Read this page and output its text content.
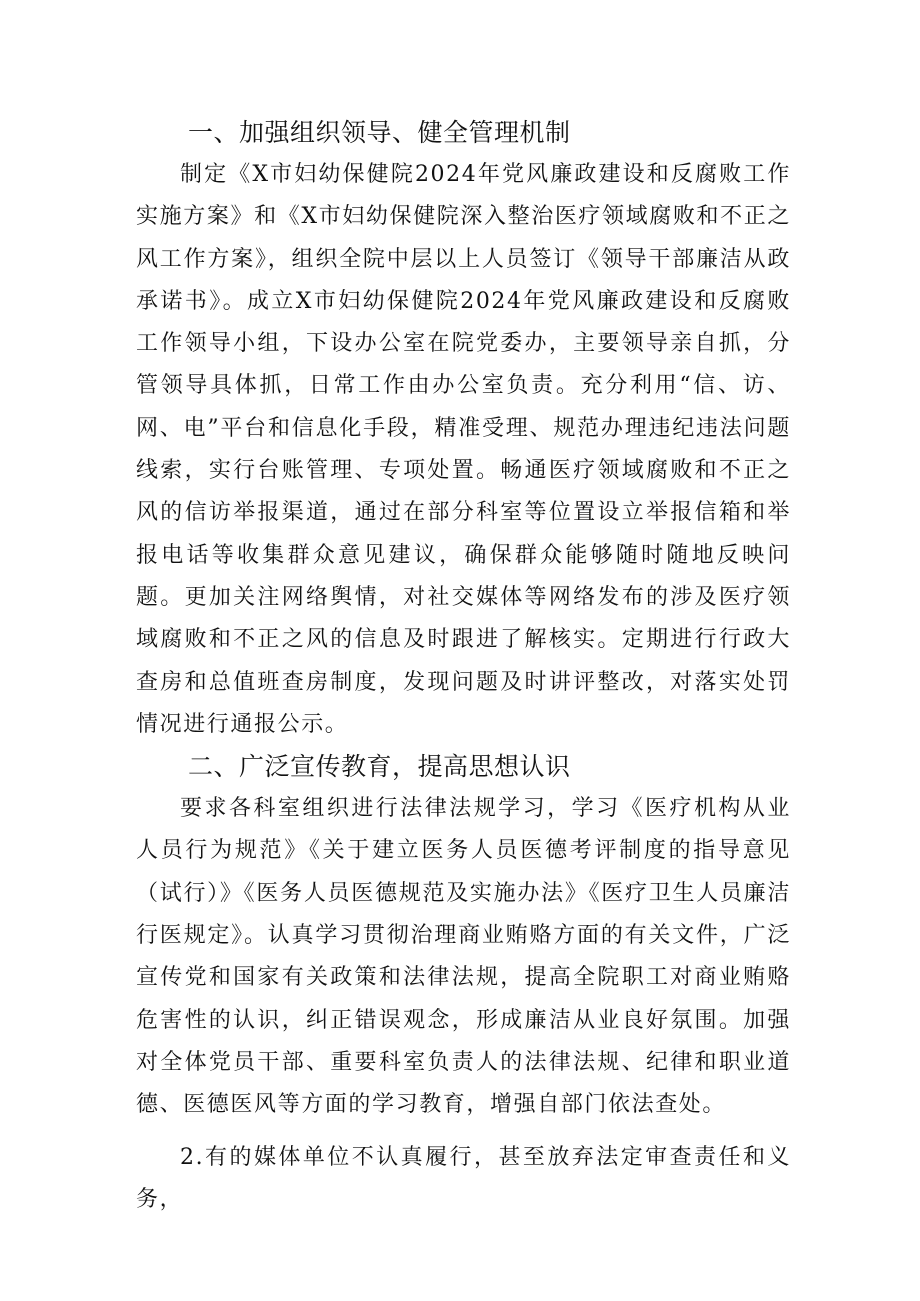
一、加强组织领导、健全管理机制

制定《X市妇幼保健院2024年党风廉政建设和反腐败工作实施方案》和《X市妇幼保健院深入整治医疗领域腐败和不正之风工作方案》，组织全院中层以上人员签订《领导干部廉洁从政承诺书》。成立X市妇幼保健院2024年党风廉政建设和反腐败工作领导小组，下设办公室在院党委办，主要领导亲自抓，分管领导具体抓，日常工作由办公室负责。充分利用“信、访、网、电”平台和信息化手段，精准受理、规范办理违纪违法问题线索，实行台账管理、专项处置。畅通医疗领域腐败和不正之风的信访举报渠道，通过在部分科室等位置设立举报信箱和举报电话等收集群众意见建议，确保群众能够随时随地反映问题。更加关注网络舆情，对社交媒体等网络发布的涉及医疗领域腐败和不正之风的信息及时跟进了解核实。定期进行行政大查房和总值班查房制度，发现问题及时讲评整改，对落实处罚情况进行通报公示。

二、广泛宣传教育，提高思想认识

要求各科室组织进行法律法规学习，学习《医疗机构从业人员行为规范》《关于建立医务人员医德考评制度的指导意见（试行）》《医务人员医德规范及实施办法》《医疗卫生人员廉洁行医规定》。认真学习贯彻治理商业贿赂方面的有关文件，广泛宣传党和国家有关政策和法律法规，提高全院职工对商业贿赂危害性的认识，纠正错误观念，形成廉洁从业良好氛围。加强对全体党员干部、重要科室负责人的法律法规、纪律和职业道德、医德医风等方面的学习教育，增强自部门依法查处。

2.有的媒体单位不认真履行，甚至放弃法定审查责任和义务，
